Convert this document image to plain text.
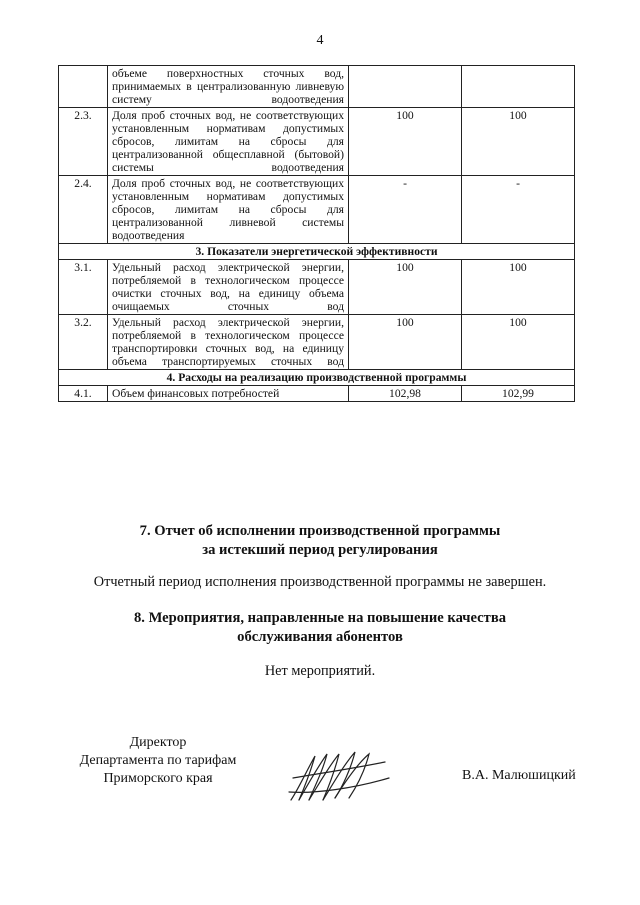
4
	объеме поверхностных сточных вод, принимаемых в централизованную ливневую систему водоотведения		
2.3.	Доля проб сточных вод, не соответствующих установленным нормативам допустимых сбросов, лимитам на сбросы для централизованной общесплавной (бытовой) системы водоотведения	100	100
2.4.	Доля проб сточных вод, не соответствующих установленным нормативам допустимых сбросов, лимитам на сбросы для централизованной ливневой системы водоотведения	-	-
3. Показатели энергетической эффективности			
3.1.	Удельный расход электрической энергии, потребляемой в технологическом процессе очистки сточных вод, на единицу объема очищаемых сточных вод	100	100
3.2.	Удельный расход электрической энергии, потребляемой в технологическом процессе транспортировки сточных вод, на единицу объема транспортируемых сточных вод	100	100
4. Расходы на реализацию производственной программы			
4.1.	Объем финансовых потребностей	102,98	102,99
7. Отчет об исполнении производственной программы
за истекший период регулирования
Отчетный период исполнения производственной программы не завершен.
8. Мероприятия, направленные на повышение качества
обслуживания абонентов
Нет мероприятий.
Директор
Департамента по тарифам
Приморского края	В.А. Малюшицкий
